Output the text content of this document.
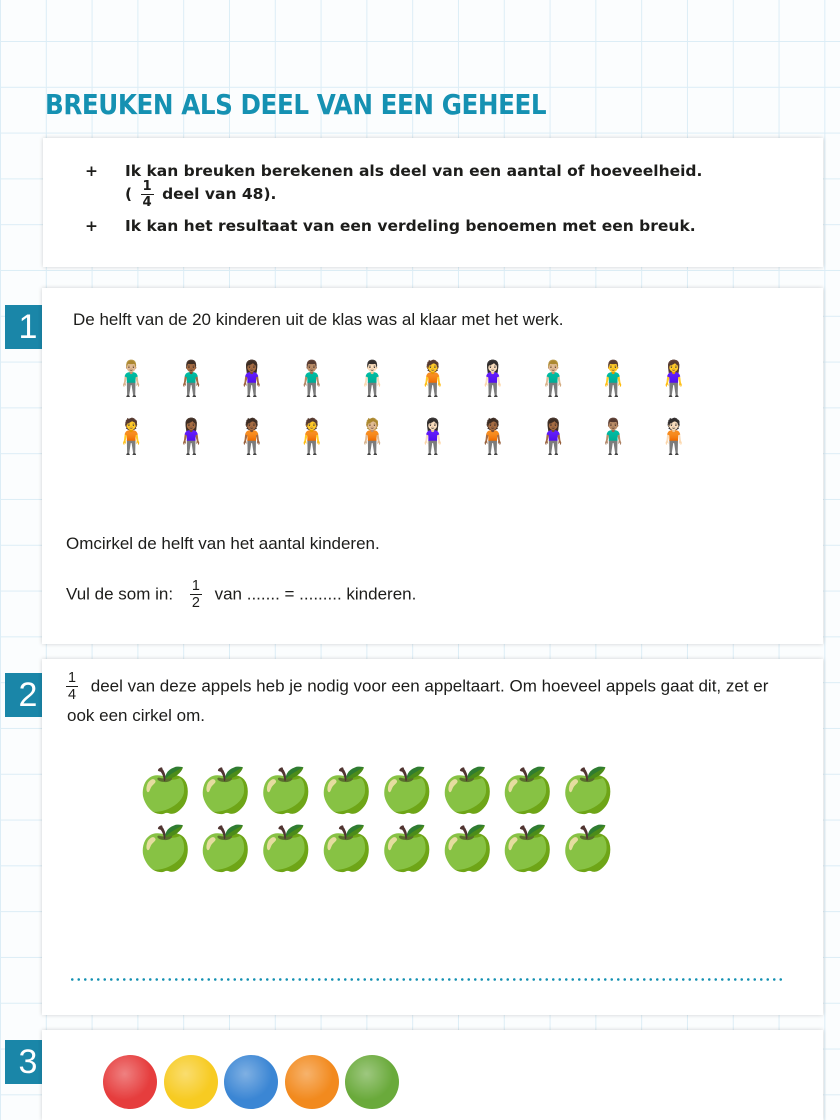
BREUKEN ALS DEEL VAN EEN GEHEEL
+ Ik kan breuken berekenen als deel van een aantal of hoeveelheid.
( $\frac{1}{4}$ deel van 48).
+ Ik kan het resultaat van een verdeling benoemen met een breuk.
1	De helft van de 20 kinderen uit de klas was al klaar met het werk.
🧍🏼‍♂️ 🧍🏾‍♂️ 🧍🏾‍♀️ 🧍🏽‍♂️ 🧍🏻‍♂️ 🧍 🧍🏻‍♀️ 🧍🏼‍♂️ 🧍‍♂️ 🧍‍♀️
🧍 🧍🏾‍♀️ 🧍🏾 🧍 🧍🏼 🧍🏻‍♀️ 🧍🏾 🧍🏾‍♀️ 🧍🏽‍♂️ 🧍🏻
Omcirkel de helft van het aantal kinderen.
Vul de som in: $\frac{1}{2}$ van ....... = ......... kinderen.
2	$\frac{1}{4}$ deel van deze appels heb je nodig voor een appeltaart. Om hoeveel appels gaat dit, zet er
ook een cirkel om.
🍏 🍏 🍏 🍏 🍏 🍏 🍏 🍏
🍏 🍏 🍏 🍏 🍏 🍏 🍏 🍏
3
